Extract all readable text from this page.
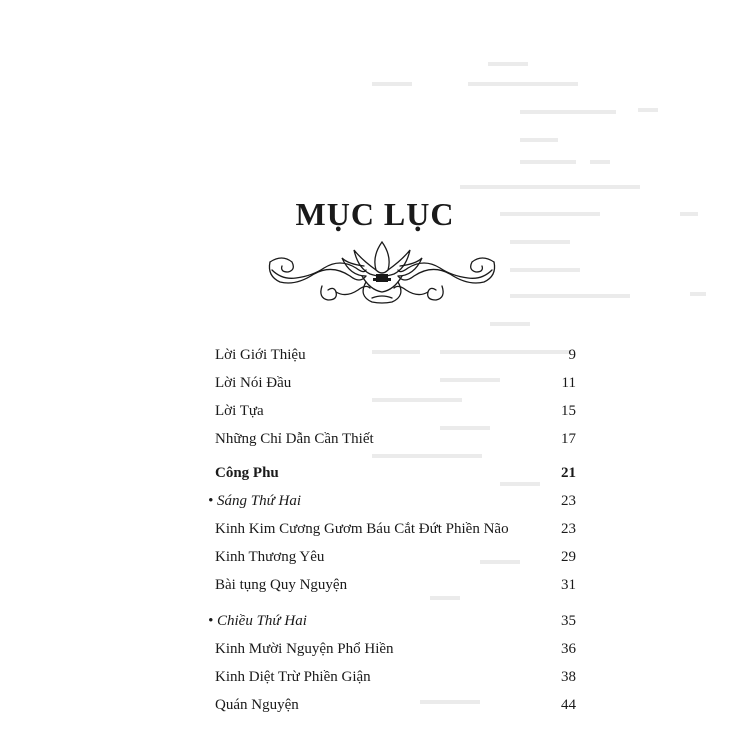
MỤC LỤC
Lời Giới Thiệu	9
Lời Nói Đầu	11
Lời Tựa	15
Những Chỉ Dẫn Cần Thiết	17
Công Phu	21
• Sáng Thứ Hai	23
Kinh Kim Cương Gươm Báu Cắt Đứt Phiền Não	23
Kinh Thương Yêu	29
Bài tụng Quy Nguyện	31
• Chiều Thứ Hai	35
Kinh Mười Nguyện Phổ Hiền	36
Kinh Diệt Trừ Phiền Giận	38
Quán Nguyện	44
